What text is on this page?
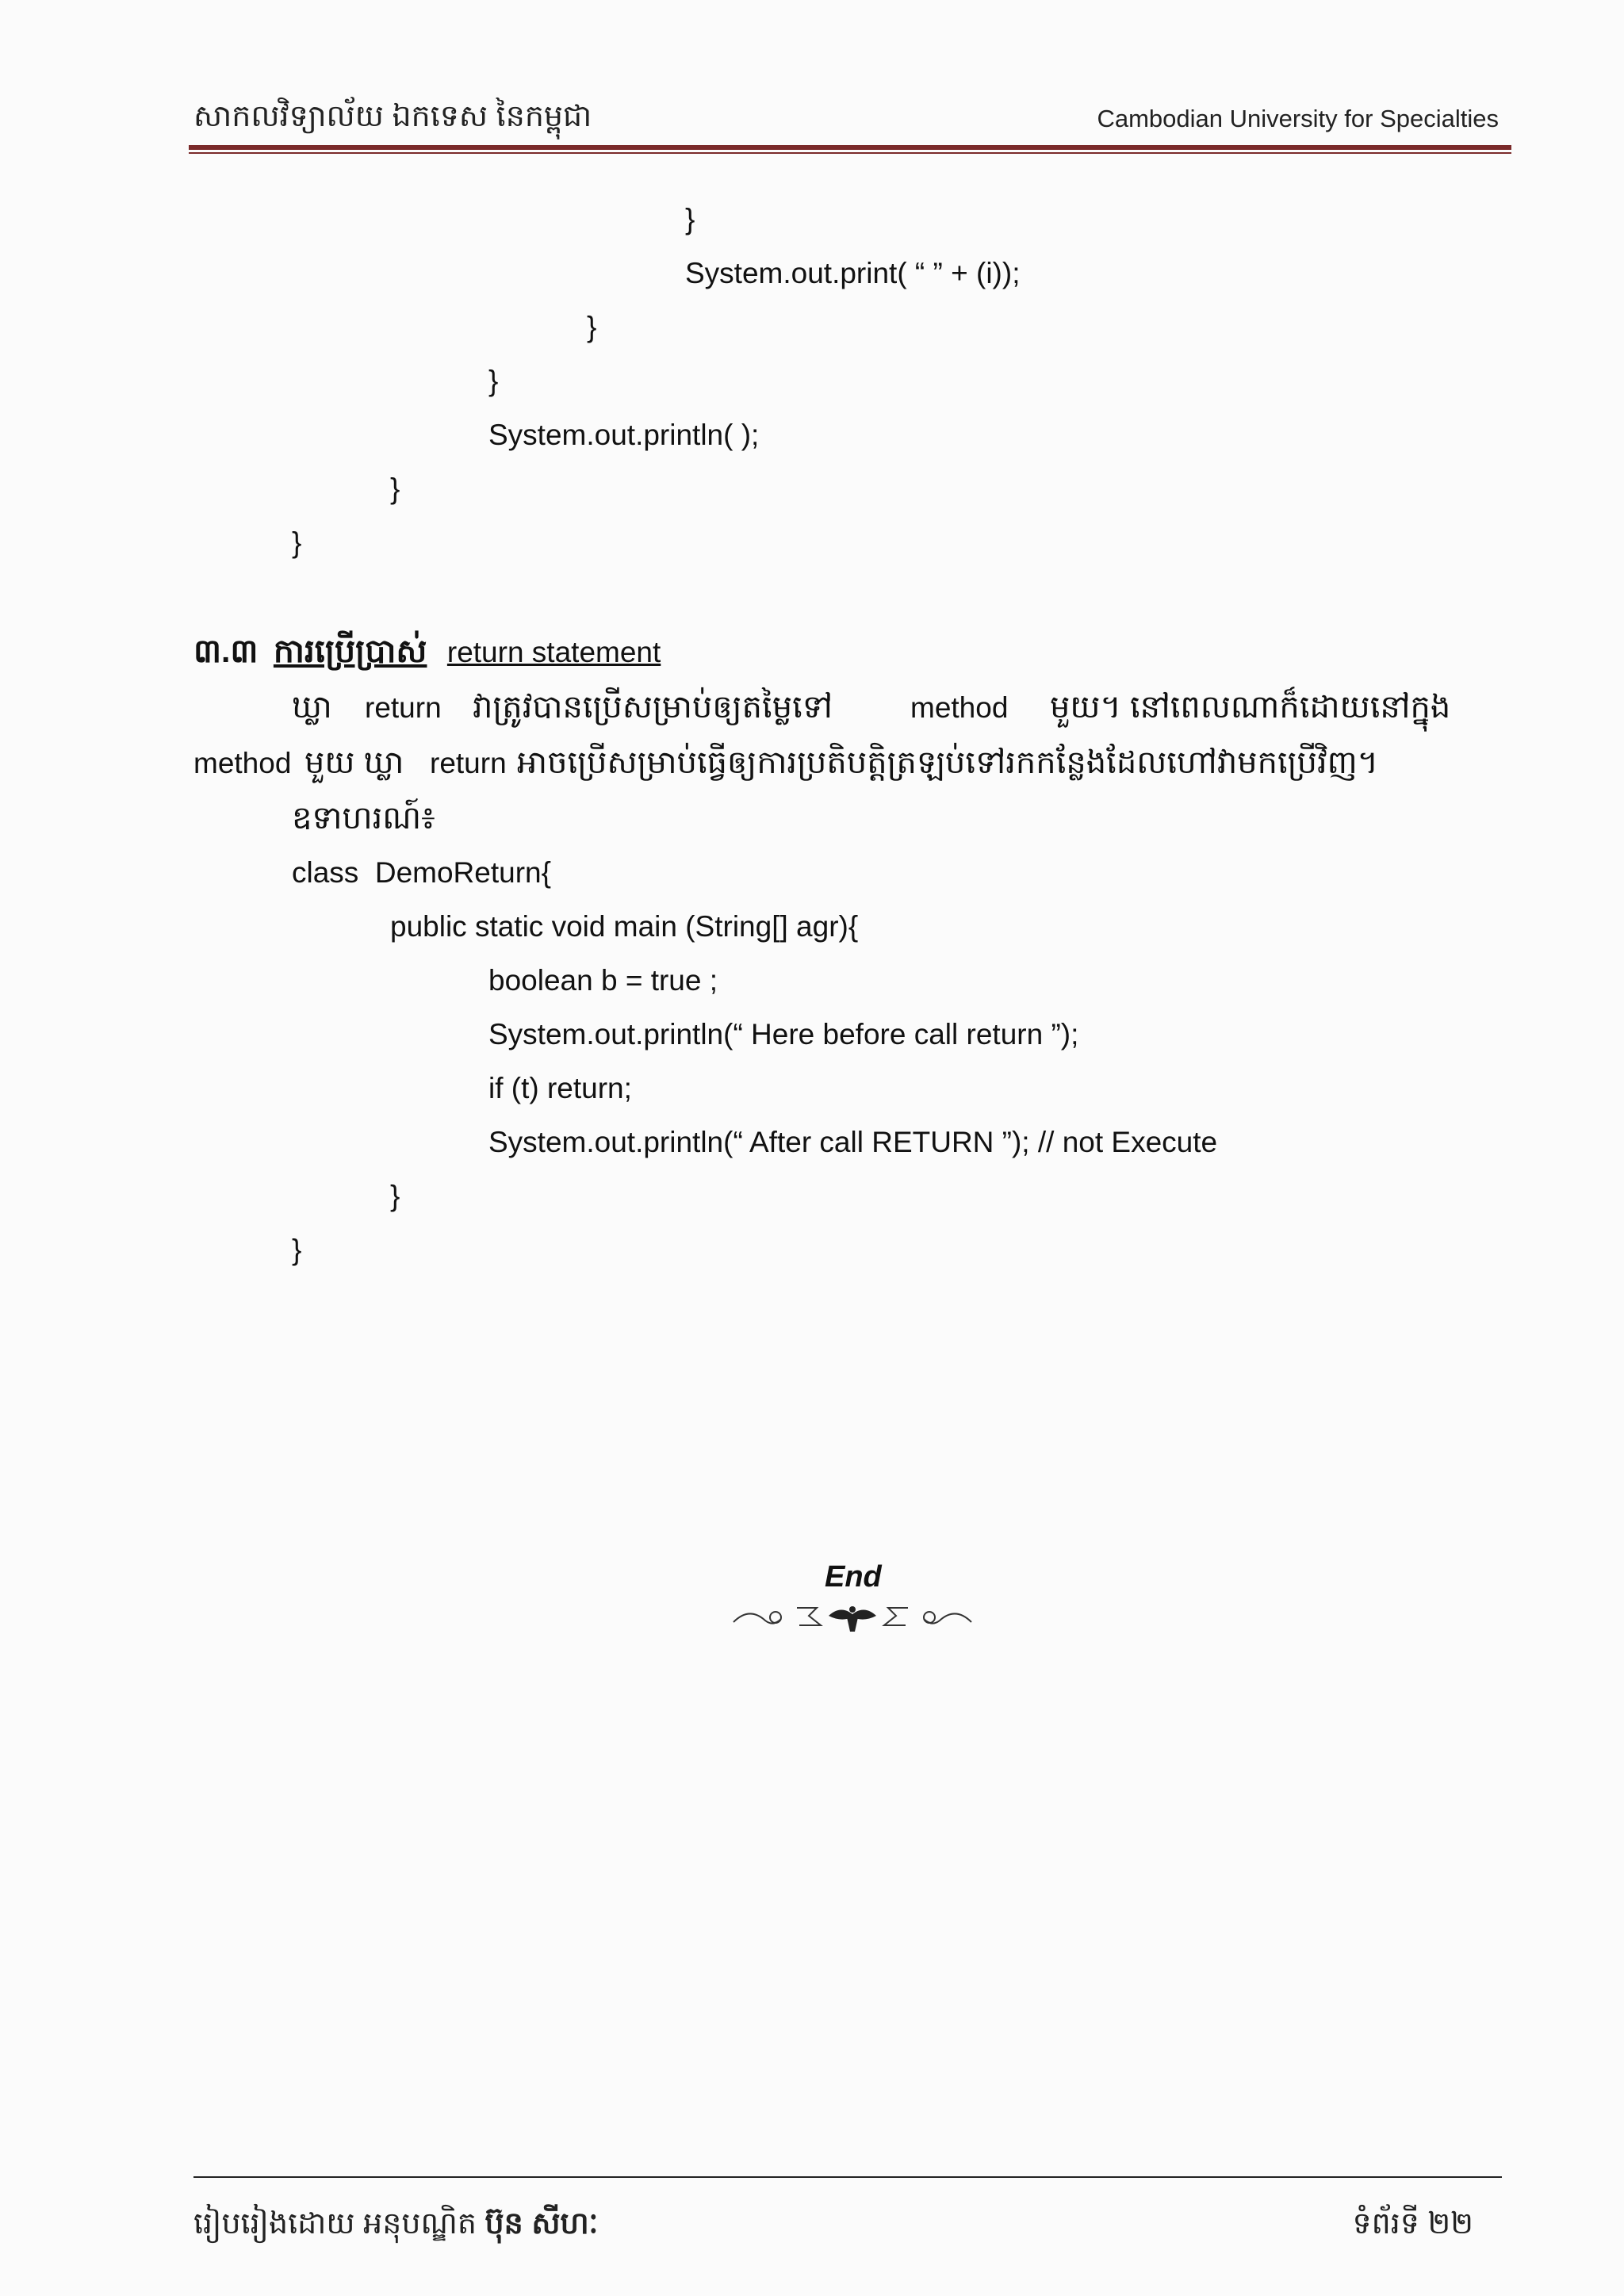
សាកលវិទ្យាល័យ ឯកទេស នៃកម្ពុជា	Cambodian University for Specialties
}
System.out.print( “ ” + (i));
}
}
System.out.println( );
}
}
៣.៣ ការប្រើប្រាស់ return statement
ឃ្លា return វាត្រូវបានប្រើសម្រាប់ឲ្យតម្លៃទៅ	method មួយ។ នៅពេលណាក៏ដោយនៅក្នុង
method មួយ ឃ្លា return អាចប្រើសម្រាប់ធ្វើឲ្យការប្រតិបត្តិត្រឡប់ទៅរកកន្លែងដែលហៅវាមកប្រើវិញ។
ឧទាហរណ៍៖
class  DemoReturn{
public static void main (String[] agr){
boolean b = true ;
System.out.println(“ Here before call return ”);
if (t) return;
System.out.println(“ After call RETURN ”); // not Execute
}
}
End
រៀបរៀងដោយ អនុបណ្ឌិត ប៊ុន សីហៈ	ទំព័រទី ២២
